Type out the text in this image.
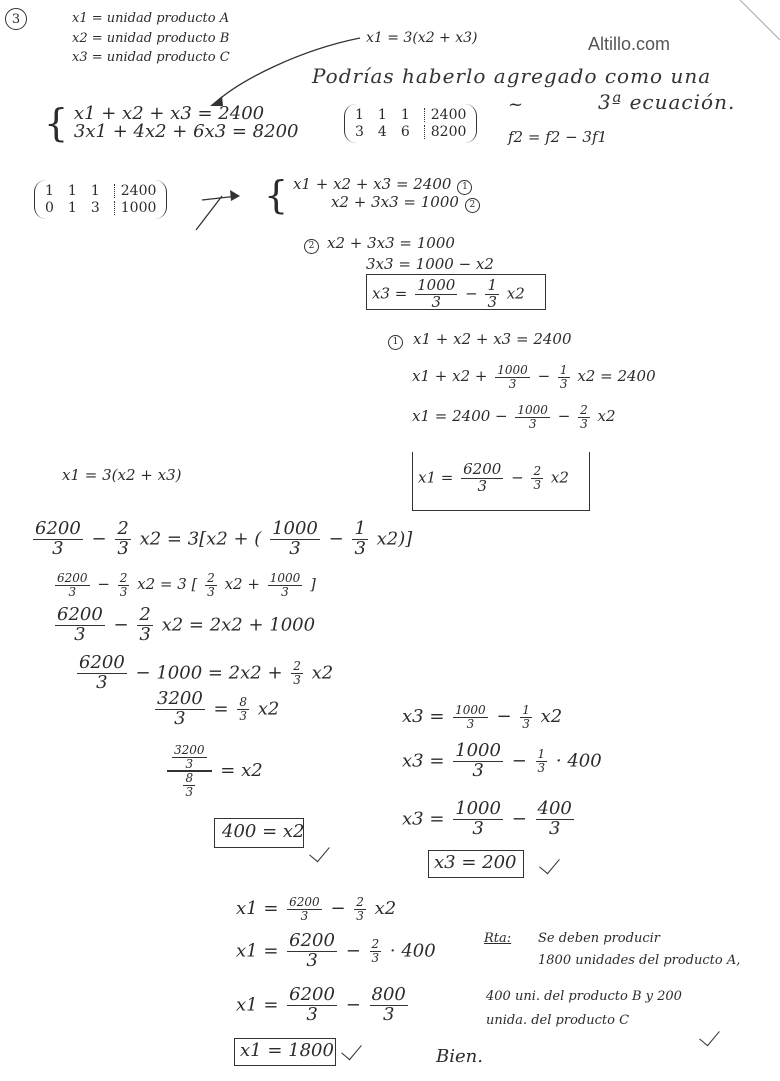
Altillo.com
3	x1 = unidad producto A
x2 = unidad producto B
x3 = unidad producto C
x1 = 3(x2 + x3)
Podrías haberlo agregado como una
3ª ecuación.
{ x1 + x2 + x3 = 2400
3x1 + 4x2 + 6x3 = 8200
1 1 1	2400
3 4 6	8200
~
f2 = f2 − 3f1
1 1 1	2400
0 1 3	1000	{ x1 + x2 + x3 = 2400 1
x2 + 3x3 = 1000 2
2 x2 + 3x3 = 1000
3x3 = 1000 − x2
$x3 = \frac{1000}{3} - \frac{1}{3} x2$
1 x1 + x2 + x3 = 2400
$x1 + x2 + \frac{1000}{3} - \frac{1}{3} x2 = 2400$
$x1 = 2400 - \frac{1000}{3} - \frac{2}{3} x2$
$x1 = \frac{6200}{3} - \frac{2}{3} x2$
x1 = 3(x2 + x3)
$\frac{6200}{3} - \frac{2}{3} x2 = 3[x2$ + ( $\frac{1000}{3} - \frac{1}{3} x2$)]
$\frac{6200}{3} - \frac{2}{3} x2 = 3$ [ $\frac{2}{3} x2 + \frac{1000}{3}$ ]
$\frac{6200}{3} - \frac{2}{3} x2 = 2x2 + 1000$
$\frac{6200}{3} - 1000 = 2x2 + \frac{2}{3} x2$
$\frac{3200}{3} = \frac{8}{3} x2$
$\frac{\frac{3200}{3}}{\frac{8}{3}} = x2$
400 = x2
$x3 = \frac{1000}{3} - \frac{1}{3} x2$
$x3 = \frac{1000}{3} - \frac{1}{3} \cdot 400$
$x3 = \frac{1000}{3} - \frac{400}{3}$
x3 = 200
$x1 = \frac{6200}{3} - \frac{2}{3} x2$
$x1 = \frac{6200}{3} - \frac{2}{3} \cdot 400$
$x1 = \frac{6200}{3} - \frac{800}{3}$
x1 = 1800
Rta: Se deben producir
1800 unidades del producto A,
400 uni. del producto B y 200
unida. del producto C
Bien.
